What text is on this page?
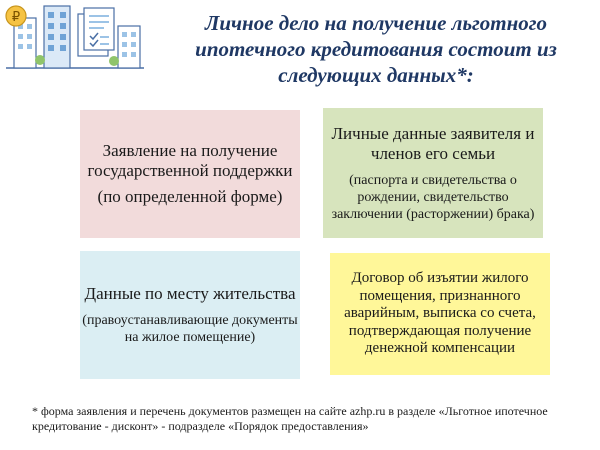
₽	Личное дело на получение льготного ипотечного кредитования состоит из следующих данных*:
Заявление на получение государственной поддержки
(по определенной форме)
Личные данные заявителя и членов его семьи
(паспорта и свидетельства о рождении, свидетельство заключении (расторжении) брака)
Данные по месту жительства
(правоустанавливающие документы на жилое помещение)
Договор об изъятии жилого помещения, признанного аварийным, выписка со счета, подтверждающая получение денежной компенсации
* форма заявления и перечень документов размещен на сайте azhp.ru в разделе «Льготное ипотечное кредитование - дисконт» - подразделе «Порядок предоставления»
